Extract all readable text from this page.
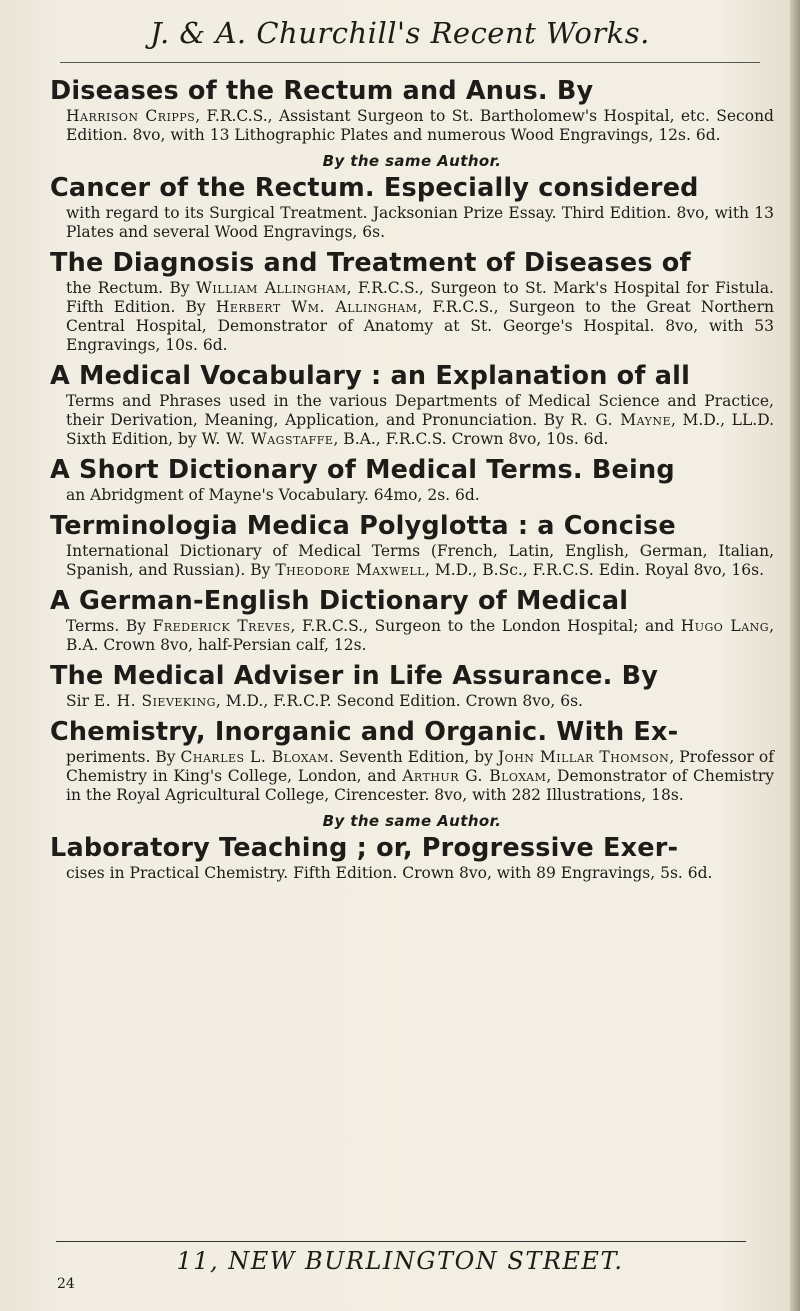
J. & A. Churchill's Recent Works.

Diseases of the Rectum and Anus. By

Harrison Cripps, F.R.C.S., Assistant Surgeon to St. Bartholomew's Hospital, etc. Second Edition. 8vo, with 13 Lithographic Plates and numerous Wood Engravings, 12s. 6d.

By the same Author.

Cancer of the Rectum. Especially considered

with regard to its Surgical Treatment. Jacksonian Prize Essay. Third Edition. 8vo, with 13 Plates and several Wood Engravings, 6s.

The Diagnosis and Treatment of Diseases of

the Rectum. By William Allingham, F.R.C.S., Surgeon to St. Mark's Hospital for Fistula. Fifth Edition. By Herbert Wm. Allingham, F.R.C.S., Surgeon to the Great Northern Central Hospital, Demonstrator of Anatomy at St. George's Hospital. 8vo, with 53 Engravings, 10s. 6d.

A Medical Vocabulary : an Explanation of all

Terms and Phrases used in the various Departments of Medical Science and Practice, their Derivation, Meaning, Application, and Pronunciation. By R. G. Mayne, M.D., LL.D. Sixth Edition, by W. W. Wagstaffe, B.A., F.R.C.S. Crown 8vo, 10s. 6d.

A Short Dictionary of Medical Terms. Being

an Abridgment of Mayne's Vocabulary. 64mo, 2s. 6d.

Terminologia Medica Polyglotta : a Concise

International Dictionary of Medical Terms (French, Latin, English, German, Italian, Spanish, and Russian). By Theodore Maxwell, M.D., B.Sc., F.R.C.S. Edin. Royal 8vo, 16s.

A German-English Dictionary of Medical

Terms. By Frederick Treves, F.R.C.S., Surgeon to the London Hospital; and Hugo Lang, B.A. Crown 8vo, half-Persian calf, 12s.

The Medical Adviser in Life Assurance. By

Sir E. H. Sieveking, M.D., F.R.C.P. Second Edition. Crown 8vo, 6s.

Chemistry, Inorganic and Organic. With Ex-

periments. By Charles L. Bloxam. Seventh Edition, by John Millar Thomson, Professor of Chemistry in King's College, London, and Arthur G. Bloxam, Demonstrator of Chemistry in the Royal Agricultural College, Cirencester. 8vo, with 282 Illustrations, 18s.

By the same Author.

Laboratory Teaching ; or, Progressive Exer-

cises in Practical Chemistry. Fifth Edition. Crown 8vo, with 89 Engravings, 5s. 6d.

11, NEW BURLINGTON STREET.
24
